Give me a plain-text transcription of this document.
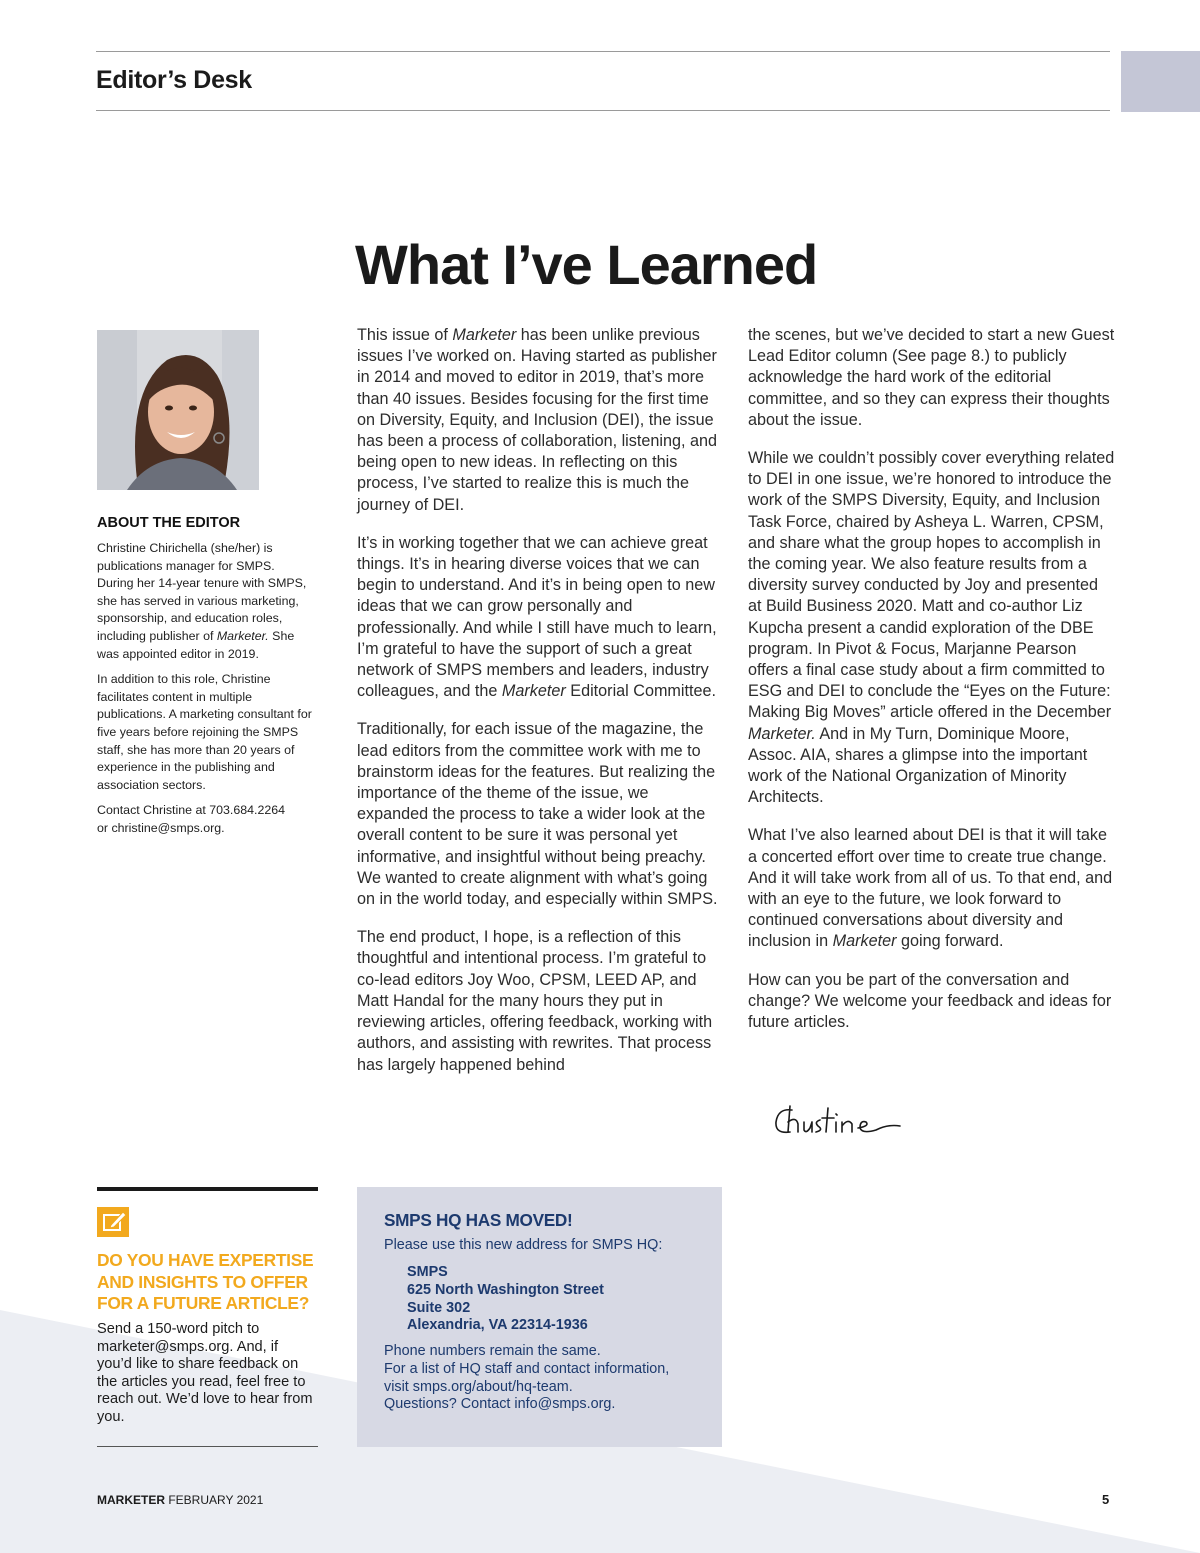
Editor’s Desk
What I’ve Learned
ABOUT THE EDITOR

Christine Chirichella (she/her) is publications manager for SMPS. During her 14-year tenure with SMPS, she has served in various marketing, sponsorship, and education roles, including publisher of Marketer. She was appointed editor in 2019.

In addition to this role, Christine facilitates content in multiple publications. A marketing consultant for five years before rejoining the SMPS staff, she has more than 20 years of experience in the publishing and association sectors.

Contact Christine at 703.684.2264
or christine@smps.org.

This issue of Marketer has been unlike previous issues I’ve worked on. Having started as publisher in 2014 and moved to editor in 2019, that’s more than 40 issues. Besides focusing for the first time on Diversity, Equity, and Inclusion (DEI), the issue has been a process of collaboration, listening, and being open to new ideas. In reflecting on this process, I’ve started to realize this is much the journey of DEI.

It’s in working together that we can achieve great things. It’s in hearing diverse voices that we can begin to understand. And it’s in being open to new ideas that we can grow personally and professionally. And while I still have much to learn, I’m grateful to have the support of such a great network of SMPS members and leaders, industry colleagues, and the Marketer Editorial Committee.

Traditionally, for each issue of the magazine, the lead editors from the committee work with me to brainstorm ideas for the features. But realizing the importance of the theme of the issue, we expanded the process to take a wider look at the overall content to be sure it was personal yet informative, and insightful without being preachy. We wanted to create alignment with what’s going on in the world today, and especially within SMPS.

The end product, I hope, is a reflection of this thoughtful and intentional process. I’m grateful to co-lead editors Joy Woo, CPSM, LEED AP, and Matt Handal for the many hours they put in reviewing articles, offering feedback, working with authors, and assisting with rewrites. That process has largely happened behind

the scenes, but we’ve decided to start a new Guest Lead Editor column (See page 8.) to publicly acknowledge the hard work of the editorial committee, and so they can express their thoughts about the issue.

While we couldn’t possibly cover everything related to DEI in one issue, we’re honored to introduce the work of the SMPS Diversity, Equity, and Inclusion Task Force, chaired by Asheya L. Warren, CPSM, and share what the group hopes to accomplish in the coming year. We also feature results from a diversity survey conducted by Joy and presented at Build Business 2020. Matt and co-author Liz Kupcha present a candid exploration of the DBE program. In Pivot & Focus, Marjanne Pearson offers a final case study about a firm committed to ESG and DEI to conclude the “Eyes on the Future: Making Big Moves” article offered in the December Marketer. And in My Turn, Dominique Moore, Assoc. AIA, shares a glimpse into the important work of the National Organization of Minority Architects.

What I’ve also learned about DEI is that it will take a concerted effort over time to create true change. And it will take work from all of us. To that end, and with an eye to the future, we look forward to continued conversations about diversity and inclusion in Marketer going forward.

How can you be part of the conversation and change? We welcome your feedback and ideas for future articles.

DO YOU HAVE EXPERTISE AND INSIGHTS TO OFFER FOR A FUTURE ARTICLE?
Send a 150-word pitch to marketer@smps.org. And, if you’d like to share feedback on the articles you read, feel free to reach out. We’d love to hear from you.
SMPS HQ HAS MOVED!
Please use this new address for SMPS HQ:
SMPS
625 North Washington Street
Suite 302
Alexandria, VA 22314-1936
Phone numbers remain the same.
For a list of HQ staff and contact information,
visit smps.org/about/hq-team.
Questions? Contact info@smps.org.
MARKETER FEBRUARY 2021	5
